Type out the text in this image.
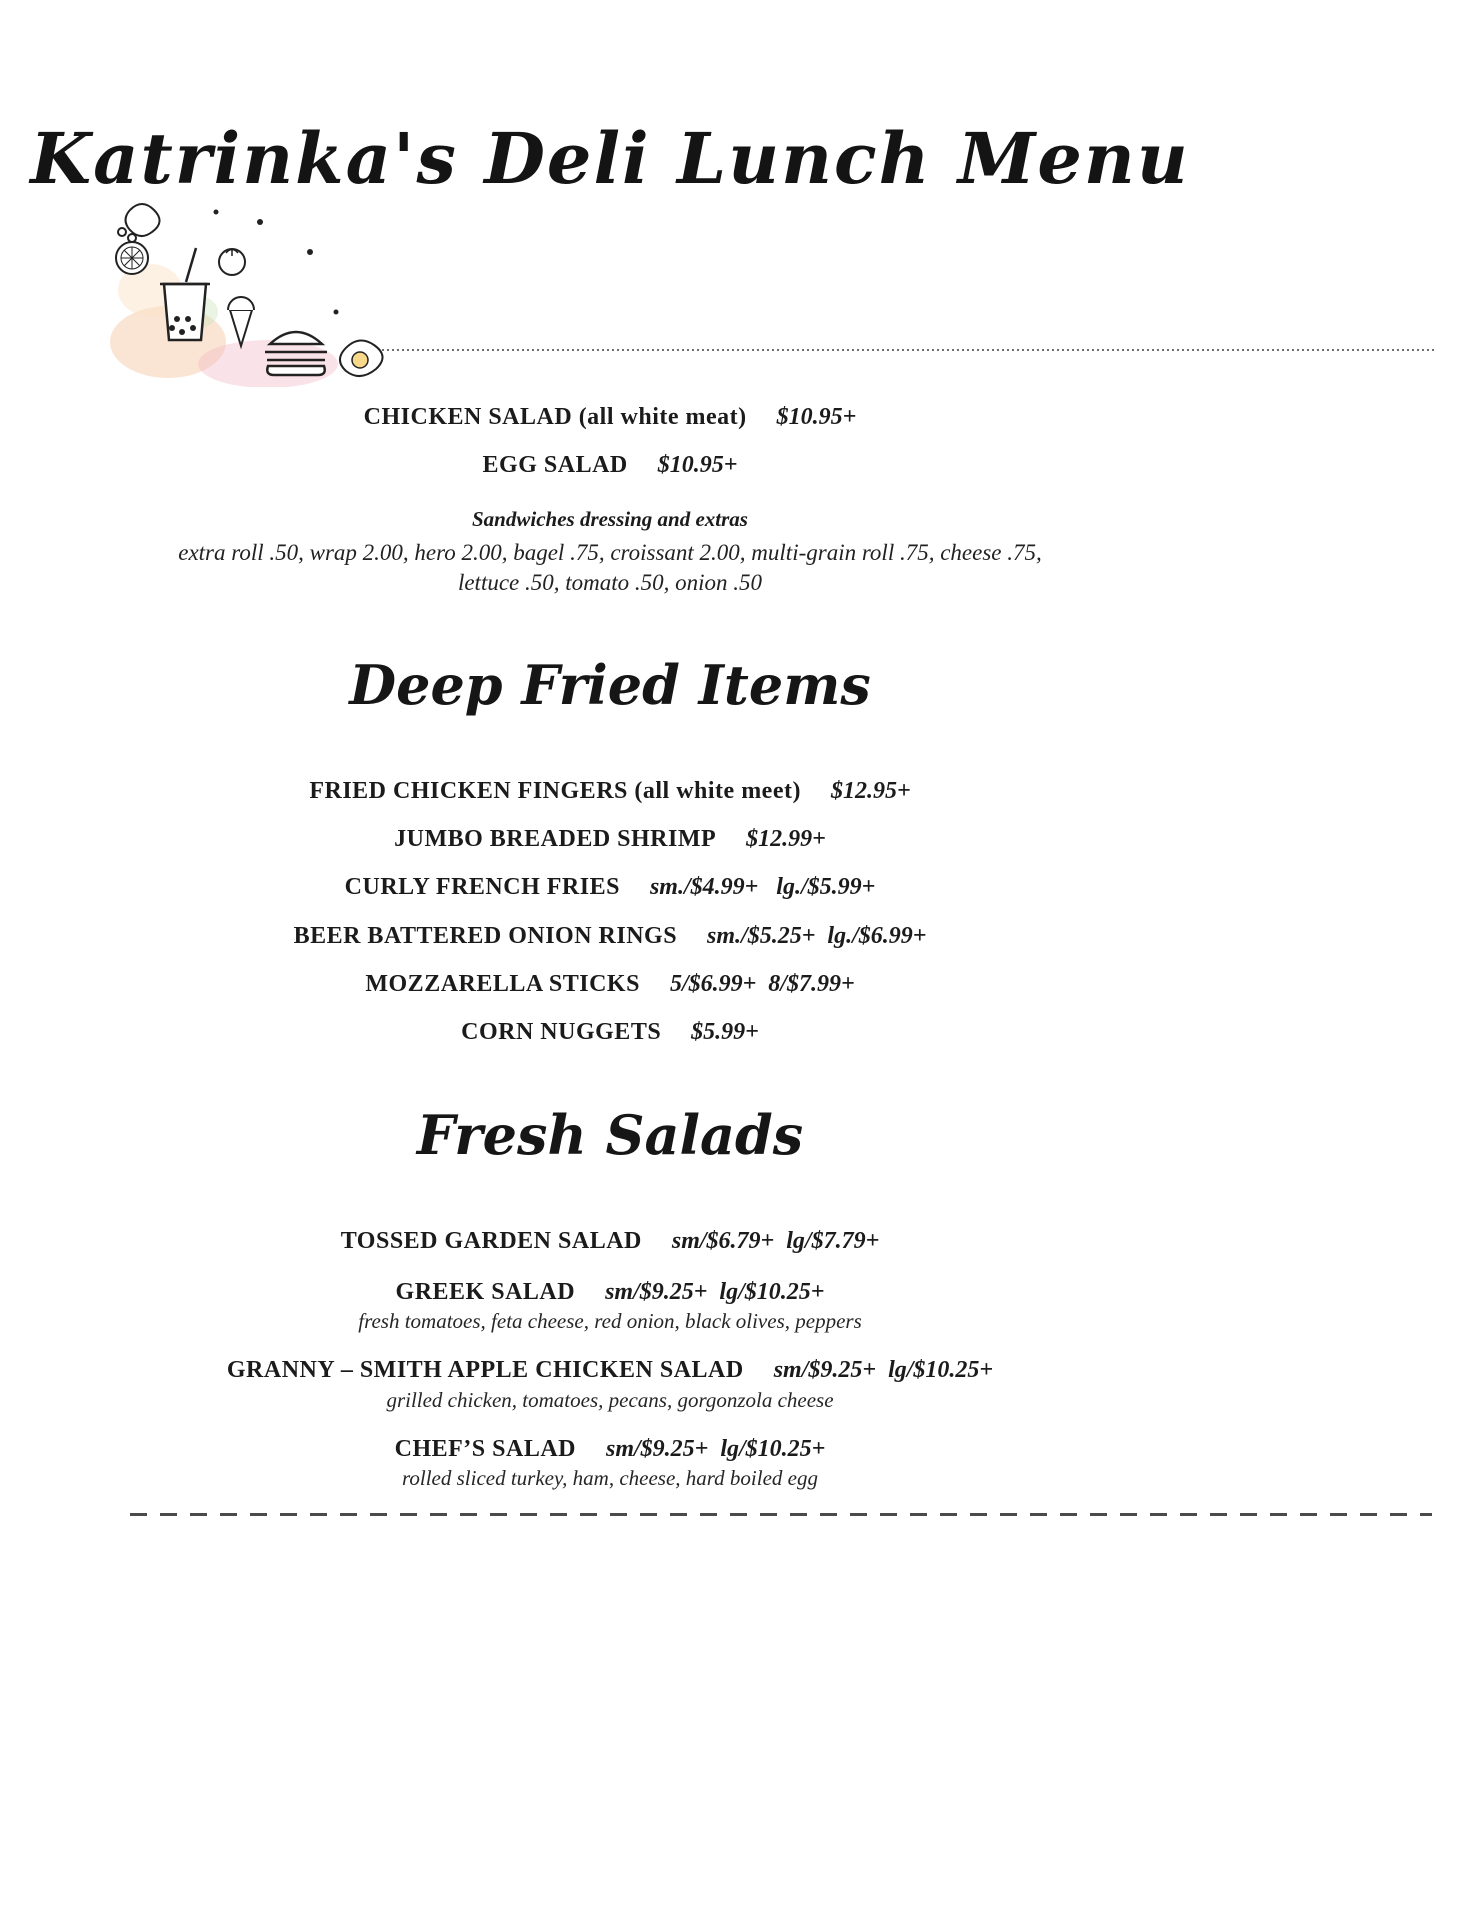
Katrinka's Deli Lunch Menu
CHICKEN SALAD (all white meat) $10.95+
EGG SALAD $10.95+
Sandwiches dressing and extras
extra roll .50, wrap 2.00, hero 2.00, bagel .75, croissant 2.00, multi-grain roll .75, cheese .75,
lettuce .50, tomato .50, onion .50
Deep Fried Items
FRIED CHICKEN FINGERS (all white meet) $12.95+
JUMBO BREADED SHRIMP $12.99+
CURLY FRENCH FRIES sm./$4.99+   lg./$5.99+
BEER BATTERED ONION RINGS sm./$5.25+  lg./$6.99+
MOZZARELLA STICKS 5/$6.99+  8/$7.99+
CORN NUGGETS $5.99+
Fresh Salads
TOSSED GARDEN SALAD sm/$6.79+  lg/$7.79+
GREEK SALAD sm/$9.25+  lg/$10.25+
fresh tomatoes, feta cheese, red onion, black olives, peppers
GRANNY – SMITH APPLE CHICKEN SALAD sm/$9.25+  lg/$10.25+
grilled chicken, tomatoes, pecans, gorgonzola cheese
CHEF’S SALAD sm/$9.25+  lg/$10.25+
rolled sliced turkey, ham, cheese, hard boiled egg
